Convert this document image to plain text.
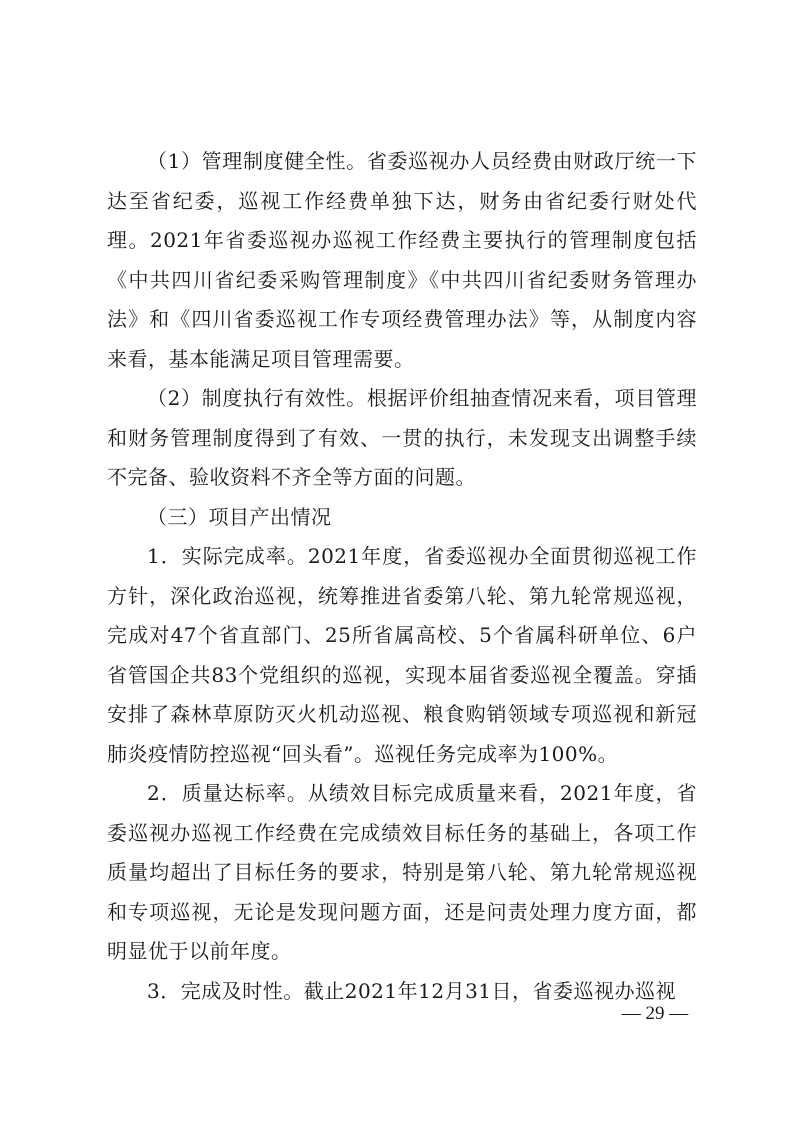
（1）管理制度健全性。省委巡视办人员经费由财政厅统一下达至省纪委，巡视工作经费单独下达，财务由省纪委行财处代理。2021年省委巡视办巡视工作经费主要执行的管理制度包括《中共四川省纪委采购管理制度》《中共四川省纪委财务管理办法》和《四川省委巡视工作专项经费管理办法》等，从制度内容来看，基本能满足项目管理需要。

（2）制度执行有效性。根据评价组抽查情况来看，项目管理和财务管理制度得到了有效、一贯的执行，未发现支出调整手续不完备、验收资料不齐全等方面的问题。

（三）项目产出情况

1．实际完成率。2021年度，省委巡视办全面贯彻巡视工作方针，深化政治巡视，统筹推进省委第八轮、第九轮常规巡视，完成对47个省直部门、25所省属高校、5个省属科研单位、6户省管国企共83个党组织的巡视，实现本届省委巡视全覆盖。穿插安排了森林草原防灭火机动巡视、粮食购销领域专项巡视和新冠肺炎疫情防控巡视“回头看”。巡视任务完成率为100%。

2．质量达标率。从绩效目标完成质量来看，2021年度，省委巡视办巡视工作经费在完成绩效目标任务的基础上，各项工作质量均超出了目标任务的要求，特别是第八轮、第九轮常规巡视和专项巡视，无论是发现问题方面，还是问责处理力度方面，都明显优于以前年度。

3．完成及时性。截止2021年12月31日，省委巡视办巡视

— 29 —
